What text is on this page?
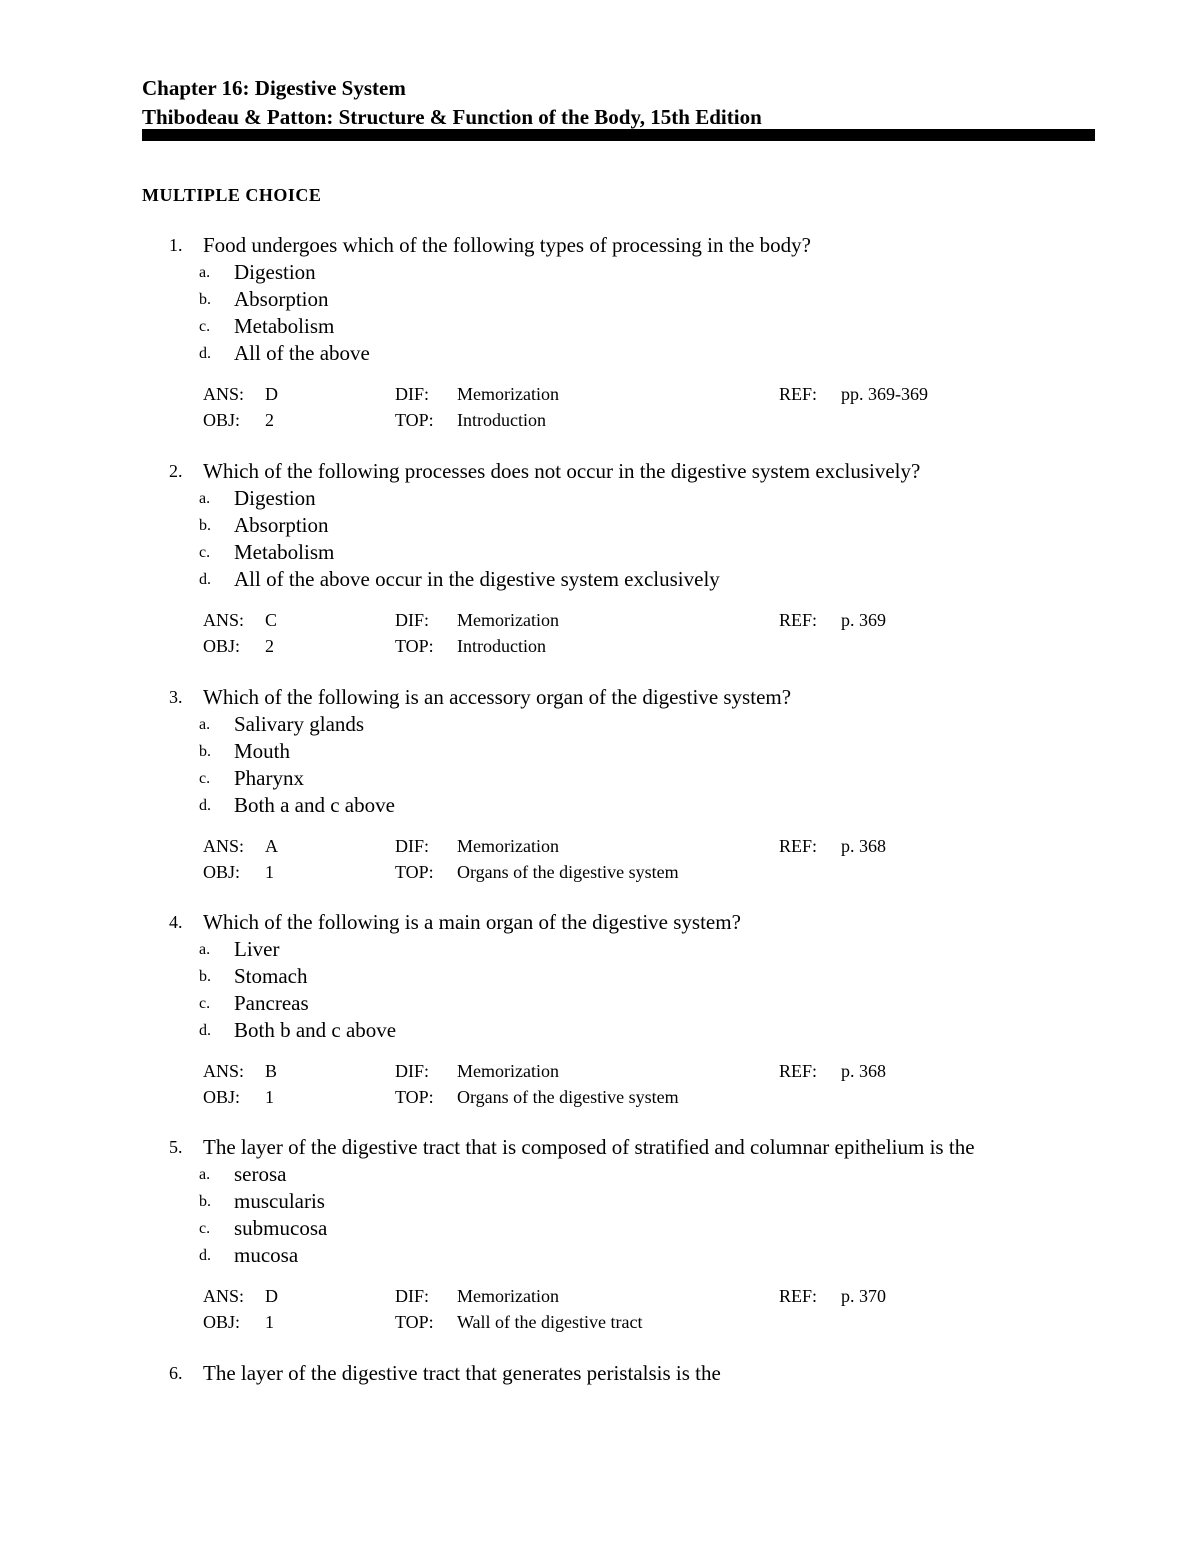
Chapter 16: Digestive System
Thibodeau & Patton: Structure & Function of the Body, 15th Edition
MULTIPLE CHOICE
1. Food undergoes which of the following types of processing in the body?
a. Digestion
b. Absorption
c. Metabolism
d. All of the above
ANS: D	DIF: Memorization	REF: pp. 369-369
OBJ: 2	TOP: Introduction
2. Which of the following processes does not occur in the digestive system exclusively?
a. Digestion
b. Absorption
c. Metabolism
d. All of the above occur in the digestive system exclusively
ANS: C	DIF: Memorization	REF: p. 369
OBJ: 2	TOP: Introduction
3. Which of the following is an accessory organ of the digestive system?
a. Salivary glands
b. Mouth
c. Pharynx
d. Both a and c above
ANS: A	DIF: Memorization	REF: p. 368
OBJ: 1	TOP: Organs of the digestive system
4. Which of the following is a main organ of the digestive system?
a. Liver
b. Stomach
c. Pancreas
d. Both b and c above
ANS: B	DIF: Memorization	REF: p. 368
OBJ: 1	TOP: Organs of the digestive system
5. The layer of the digestive tract that is composed of stratified and columnar epithelium is the
a. serosa
b. muscularis
c. submucosa
d. mucosa
ANS: D	DIF: Memorization	REF: p. 370
OBJ: 1	TOP: Wall of the digestive tract
6. The layer of the digestive tract that generates peristalsis is the
